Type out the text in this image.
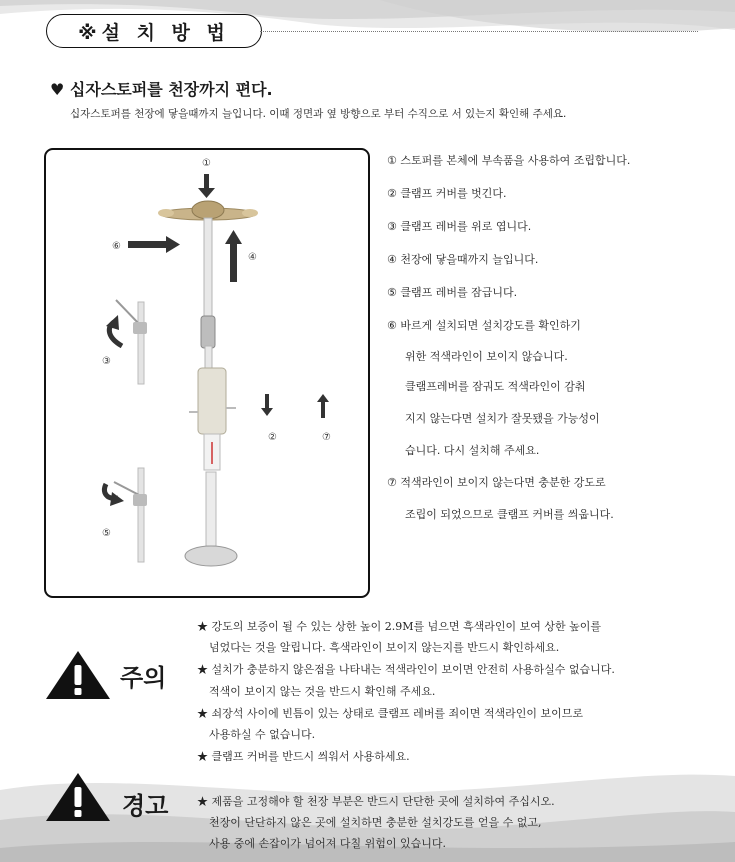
※설 치 방 법
♥ 십자스토퍼를 천장까지 편다.
십자스토퍼를 천장에 닿을때까지 늘입니다. 이때 정면과 옆 방향으로 부터 수직으로 서 있는지 확인해 주세요.
①
⑥
④
③
②	⑦
⑤
① 스토퍼를 본체에 부속품을 사용하여 조립합니다.
② 클램프 커버를 벗긴다.
③ 클램프 레버를 위로 엽니다.
④ 천장에 닿을때까지 늘입니다.
⑤ 클램프 레버를 잠급니다.
⑥ 바르게 설치되면 설치강도를 확인하기
위한 적색라인이 보이지 않습니다.
클램프레버를 잠궈도 적색라인이 감춰
지지 않는다면 설치가 잘못됐을 가능성이
습니다. 다시 설치해 주세요.
⑦ 적색라인이 보이지 않는다면 충분한 강도로
조립이 되었으므로 클램프 커버를 씌웁니다.
주의
★ 강도의 보증이 될 수 있는 상한 높이 2.9M를 넘으면 흑색라인이 보여 상한 높이를
넘었다는 것을 알립니다. 흑색라인이 보이지 않는지를 반드시 확인하세요.
★ 설치가 충분하지 않은점을 나타내는 적색라인이 보이면 안전히 사용하실수 없습니다.
적색이 보이지 않는 것을 반드시 확인해 주세요.
★ 쇠장석 사이에 빈틈이 있는 상태로 클램프 레버를 죄이면 적색라인이 보이므로
사용하실 수 없습니다.
★ 클램프 커버를 반드시 씌워서 사용하세요.
경고	★ 제품을 고정해야 할 천장 부분은 반드시 단단한 곳에 설치하여 주십시오.
천장이 단단하지 않은 곳에 설치하면 충분한 설치강도를 얻을 수 없고,
사용 중에 손잡이가 넘어져 다칠 위험이 있습니다.
